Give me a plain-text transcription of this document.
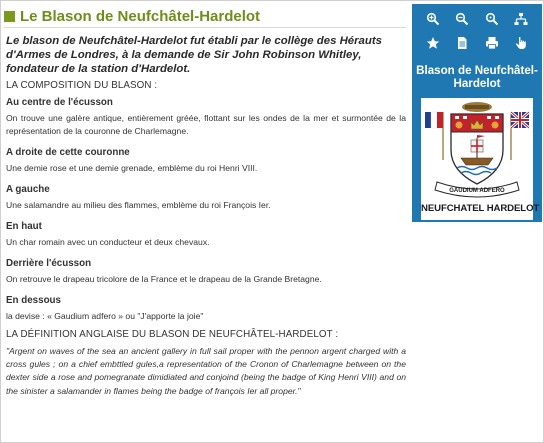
Le Blason de Neufchâtel-Hardelot

Le blason de Neufchâtel-Hardelot fut établi par le collège des Hérauts d'Armes de Londres, à la demande de Sir John Robinson Whitley, fondateur de la station d'Hardelot.

LA COMPOSITION DU BLASON :

Au centre de l'écusson

On trouve une galère antique, entièrement gréée, flottant sur les ondes de la mer et surmontée de la représentation de la couronne de Charlemagne.

A droite de cette couronne

Une demie rose et une demie grenade, emblème du roi Henri VIII.

A gauche

Une salamandre au milieu des flammes, emblème du roi François Ier.

En haut

Un char romain avec un conducteur et deux chevaux.

Derrière l'écusson

On retrouve le drapeau tricolore de la France et le drapeau de la Grande Bretagne.

En dessous

la devise : « Gaudium adfero » ou "J'apporte la joie"

LA DÉFINITION ANGLAISE DU BLASON DE NEUFCHÂTEL-HARDELOT :

"Argent on waves of the sea an ancient gallery in full sail proper with the pennon argent charged with a cross gules ; on a chief embttled gules,a representation of the Cronon of Charlemagne between on the dexter side a rose and pomegranate dimidiated and conjoind (being the badge of King Henri VIII) and on the sinister a salamander in flames being the badge of françois Ier all proper."

Blason de Neufchâtel-Hardelot
GAUDIUM ADFERO
NEUFCHATEL HARDELOT
